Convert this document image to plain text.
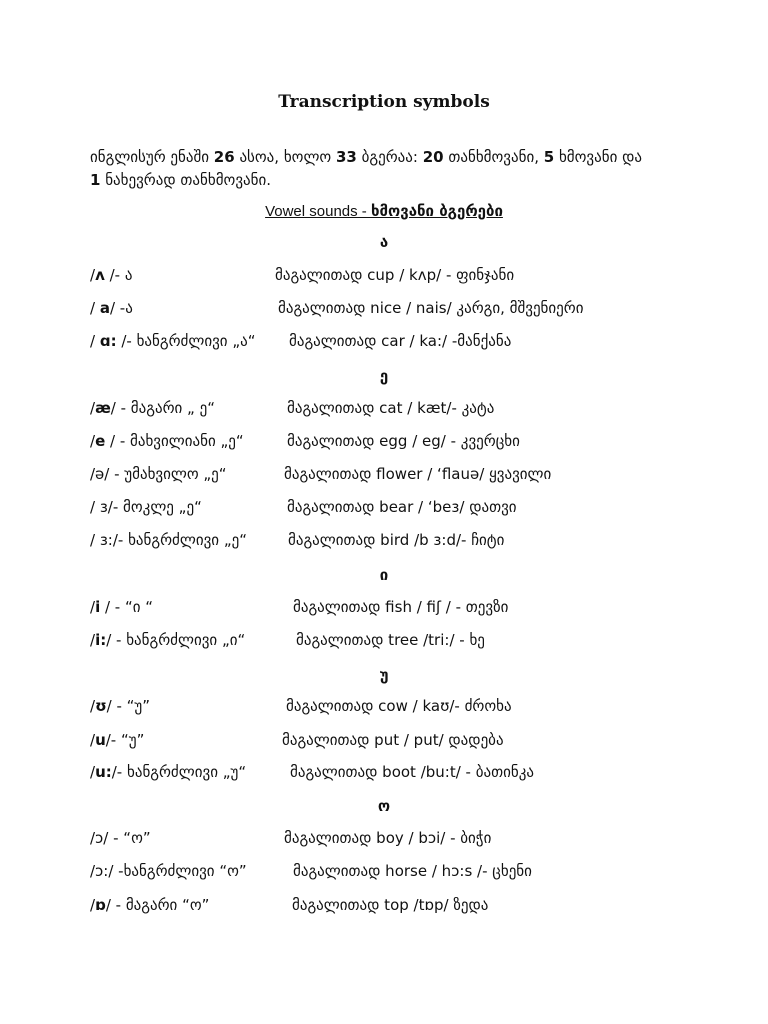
Transcription symbols
ინგლისურ ენაში 26 ასოა, ხოლო 33 ბგერაა: 20 თანხმოვანი, 5 ხმოვანი და
1 ნახევრად თანხმოვანი.
Vowel sounds - ხმოვანი ბგერები
ა
/ʌ /- ა	მაგალითად cup / kʌp/ - ფინჯანი
/ a/ -ა	მაგალითად nice / nais/ კარგი, მშვენიერი
/ ɑ: /- ხანგრძლივი „ა“ მაგალითად car / ka:/ -მანქანა
ე
/æ/ - მაგარი „ ე“	მაგალითად cat / kæt/- კატა
/e / - მახვილიანი „ე“	მაგალითად egg / eg/ - კვერცხი
/ə/ - უმახვილო „ე“	მაგალითად flower / ‘flauə/ ყვავილი
/ ɜ/- მოკლე „ე“	მაგალითად bear / ‘beɜ/ დათვი
/ ɜ:/- ხანგრძლივი „ე“	მაგალითად bird /b ɜ:d/- ჩიტი
ი
/i / - “ი “	მაგალითად fish / fiʃ / - თევზი
/i:/ - ხანგრძლივი „ი“	მაგალითად tree /tri:/ - ხე
უ
/ʊ/ - “უ”	მაგალითად cow / kaʊ/- ძროხა
/u/- “უ”	მაგალითად put / put/ დადება
/u:/- ხანგრძლივი „უ“	მაგალითად boot /bu:t/ - ბათინკა
ო
/ɔ/ - “ო”	მაგალითად boy / bɔi/ - ბიჭი
/ɔ:/ -ხანგრძლივი “ო”	მაგალითად horse / hɔ:s /- ცხენი
/ɒ/ - მაგარი “ო”	მაგალითად top /tɒp/ ზედა
